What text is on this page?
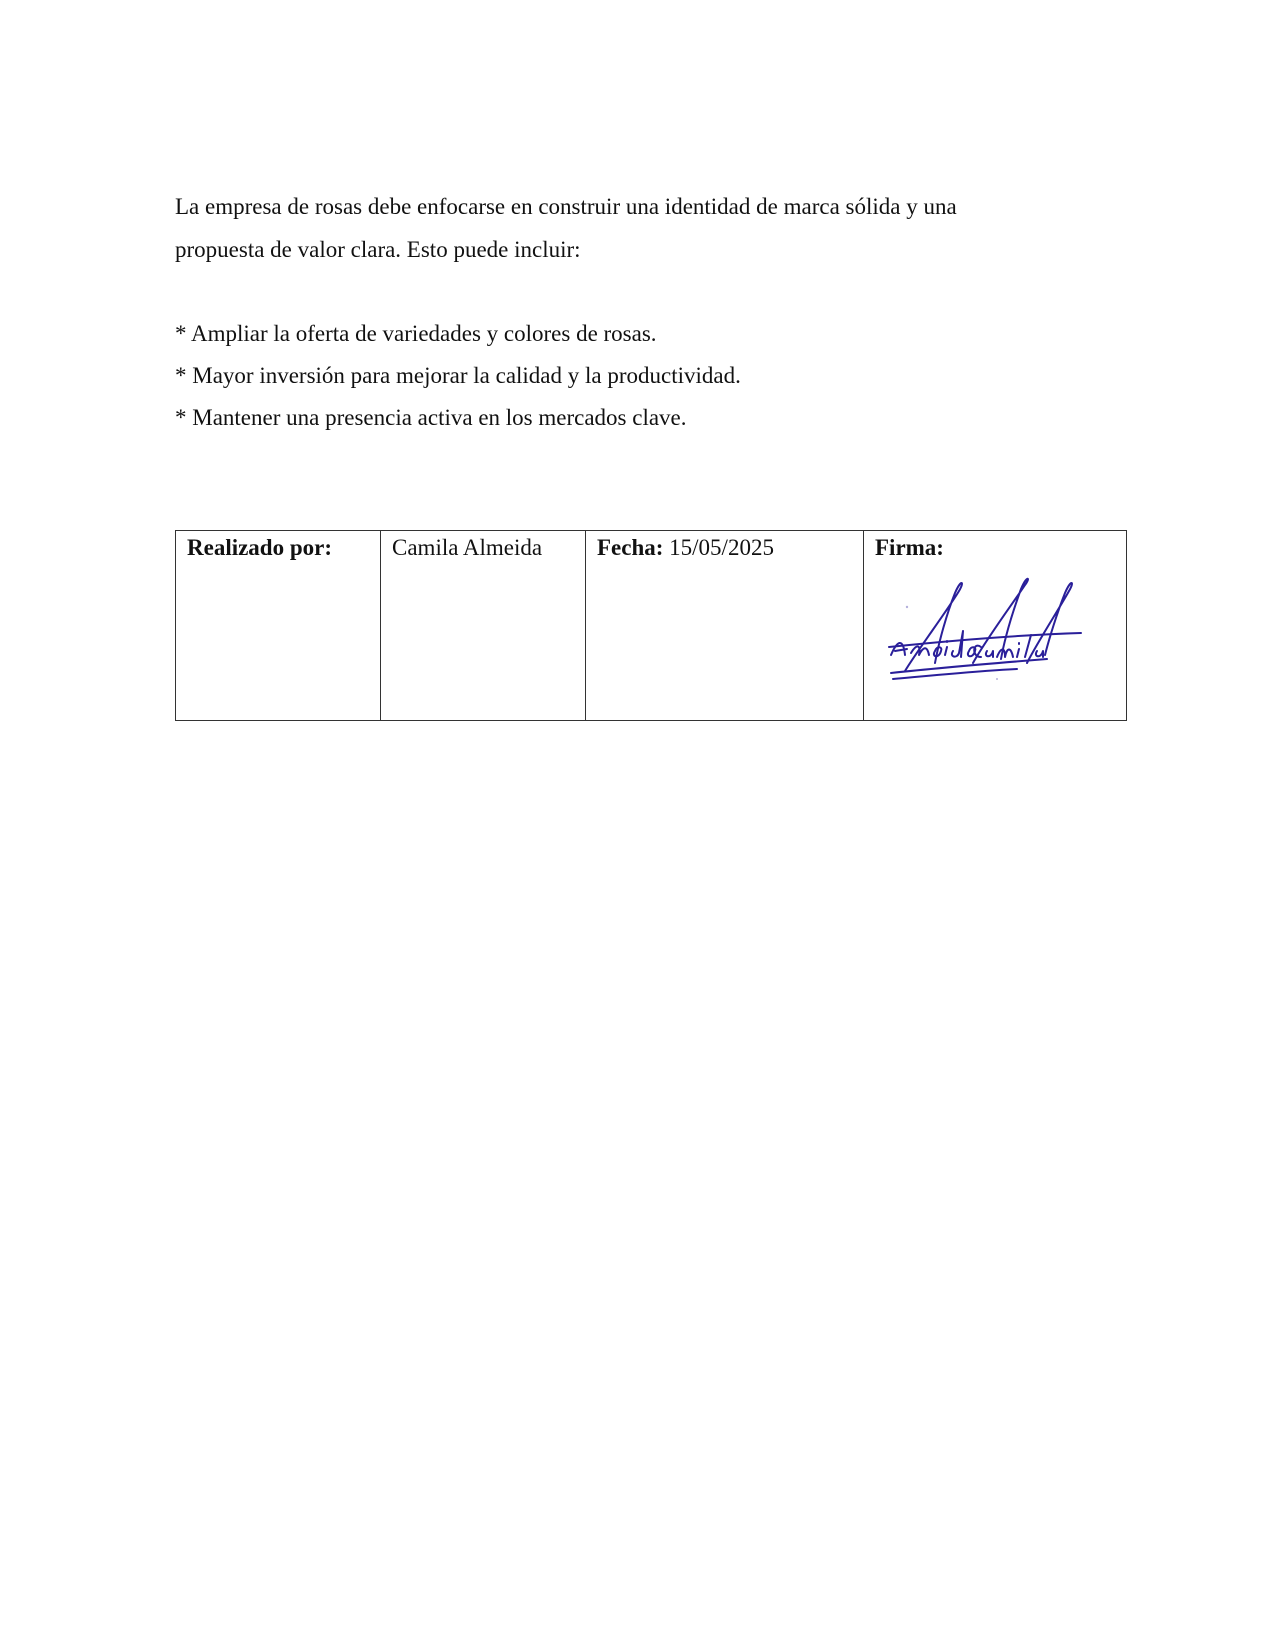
La empresa de rosas debe enfocarse en construir una identidad de marca sólida y una
propuesta de valor clara. Esto puede incluir:

* Ampliar la oferta de variedades y colores de rosas.
* Mayor inversión para mejorar la calidad y la productividad.
* Mantener una presencia activa en los mercados clave.
Realizado por:	Camila Almeida	Fecha: 15/05/2025	Firma:
